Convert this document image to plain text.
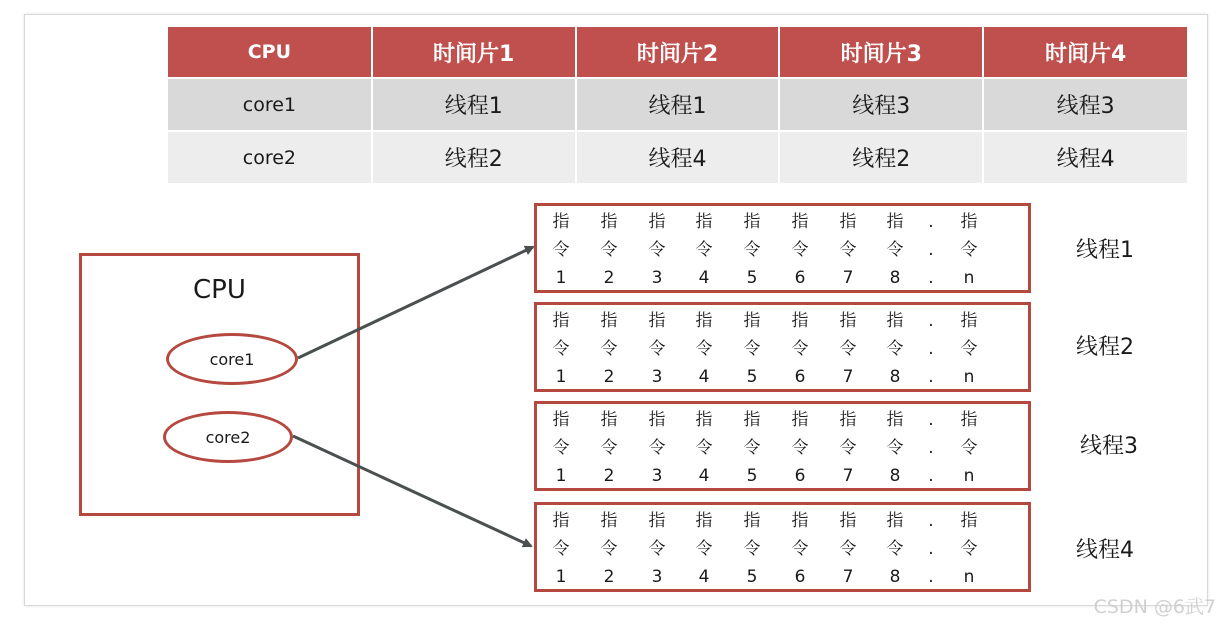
CPU	时间片1	时间片2	时间片3	时间片4
core1	线程1	线程1	线程3	线程3
core2	线程2	线程4	线程2	线程4
CPU
core1
core2
指
令
1
指
令
2
指
令
3
指
令
4
指
令
5
指
令
6
指
令
7
指
令
8
.
.
.
指
令
n
指
令
1
指
令
2
指
令
3
指
令
4
指
令
5
指
令
6
指
令
7
指
令
8
.
.
.
指
令
n
指
令
1
指
令
2
指
令
3
指
令
4
指
令
5
指
令
6
指
令
7
指
令
8
.
.
.
指
令
n
指
令
1
指
令
2
指
令
3
指
令
4
指
令
5
指
令
6
指
令
7
指
令
8
.
.
.
指
令
n
线程1
线程2
线程3
线程4
CSDN @6武7
